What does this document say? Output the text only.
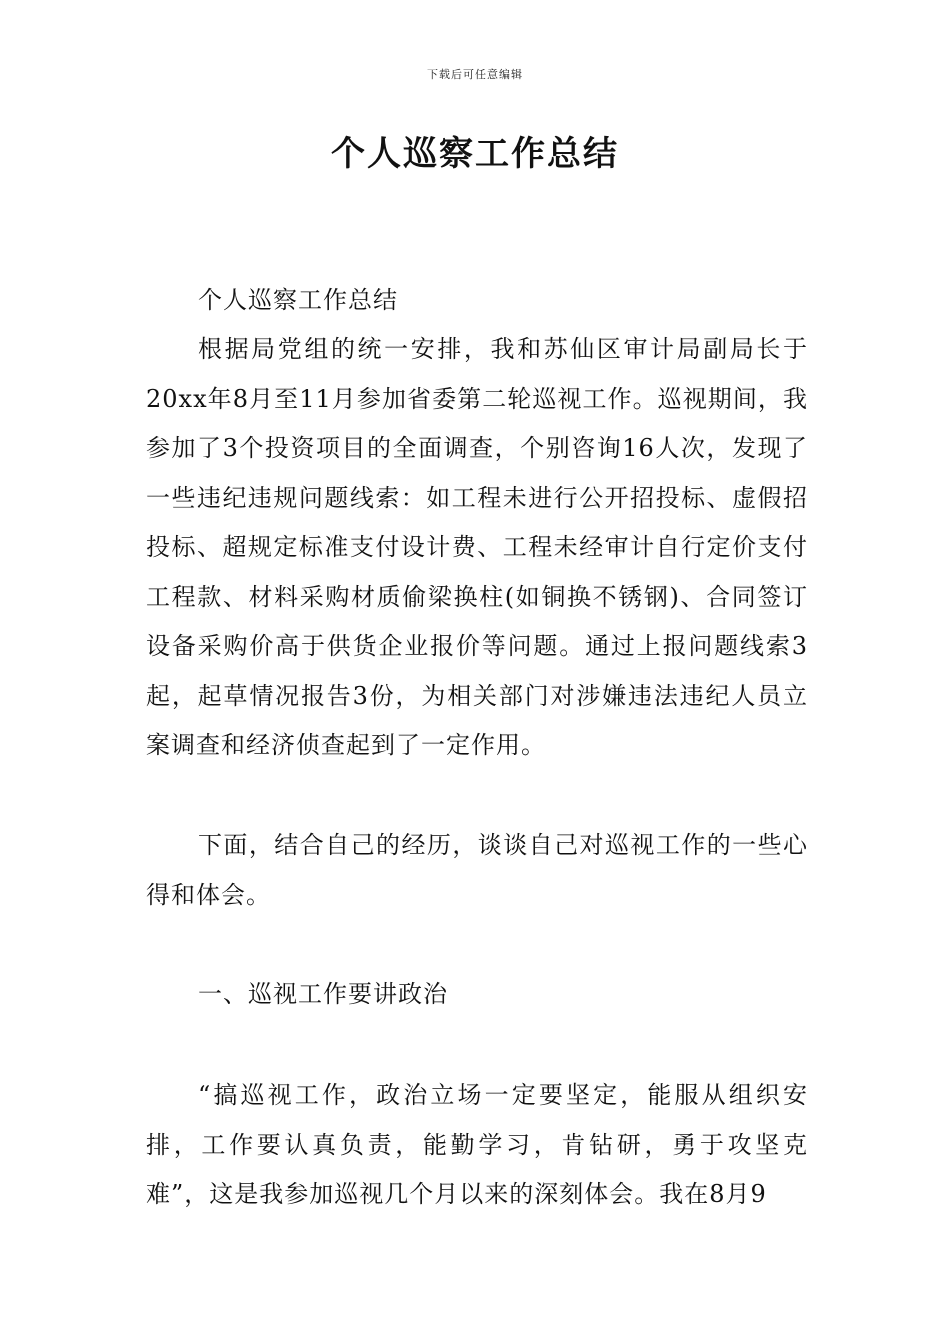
下载后可任意编辑
个人巡察工作总结
个人巡察工作总结
根据局党组的统一安排，我和苏仙区审计局副局长于20xx年8月至11月参加省委第二轮巡视工作。巡视期间，我参加了3个投资项目的全面调查，个别咨询16人次，发现了一些违纪违规问题线索：如工程未进行公开招投标、虚假招投标、超规定标准支付设计费、工程未经审计自行定价支付工程款、材料采购材质偷梁换柱(如铜换不锈钢)、合同签订设备采购价高于供货企业报价等问题。通过上报问题线索3起，起草情况报告3份，为相关部门对涉嫌违法违纪人员立案调查和经济侦查起到了一定作用。
下面，结合自己的经历，谈谈自己对巡视工作的一些心得和体会。
一、巡视工作要讲政治
“搞巡视工作，政治立场一定要坚定，能服从组织安排，工作要认真负责，能勤学习，肯钻研，勇于攻坚克难”，这是我参加巡视几个月以来的深刻体会。我在8月9
